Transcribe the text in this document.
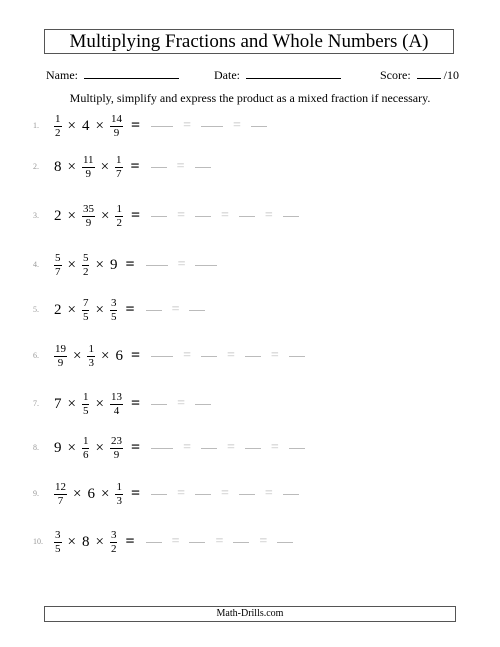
Multiplying Fractions and Whole Numbers (A)
Name:	Date:	Score:	/10
Multiply, simplify and express the product as a mixed fraction if necessary.
1. $\frac{1}{2} \times 4 \times \frac{14}{9}$ =	=	=
2. $8 \times \frac{11}{9} \times \frac{1}{7}$ =	=
3. $2 \times \frac{35}{9} \times \frac{1}{2}$ =	=	=	=
4. $\frac{5}{7} \times \frac{5}{2} \times 9$ =	=
5. $2 \times \frac{7}{5} \times \frac{3}{5}$ =	=
6. $\frac{19}{9} \times \frac{1}{3} \times 6$ =	=	=	=
7. $7 \times \frac{1}{5} \times \frac{13}{4}$ =	=
8. $9 \times \frac{1}{6} \times \frac{23}{9}$ =	=	=	=
9. $\frac{12}{7} \times 6 \times \frac{1}{3}$ =	=	=	=
10. $\frac{3}{5} \times 8 \times \frac{3}{2}$ =	=	=	=
Math-Drills.com
